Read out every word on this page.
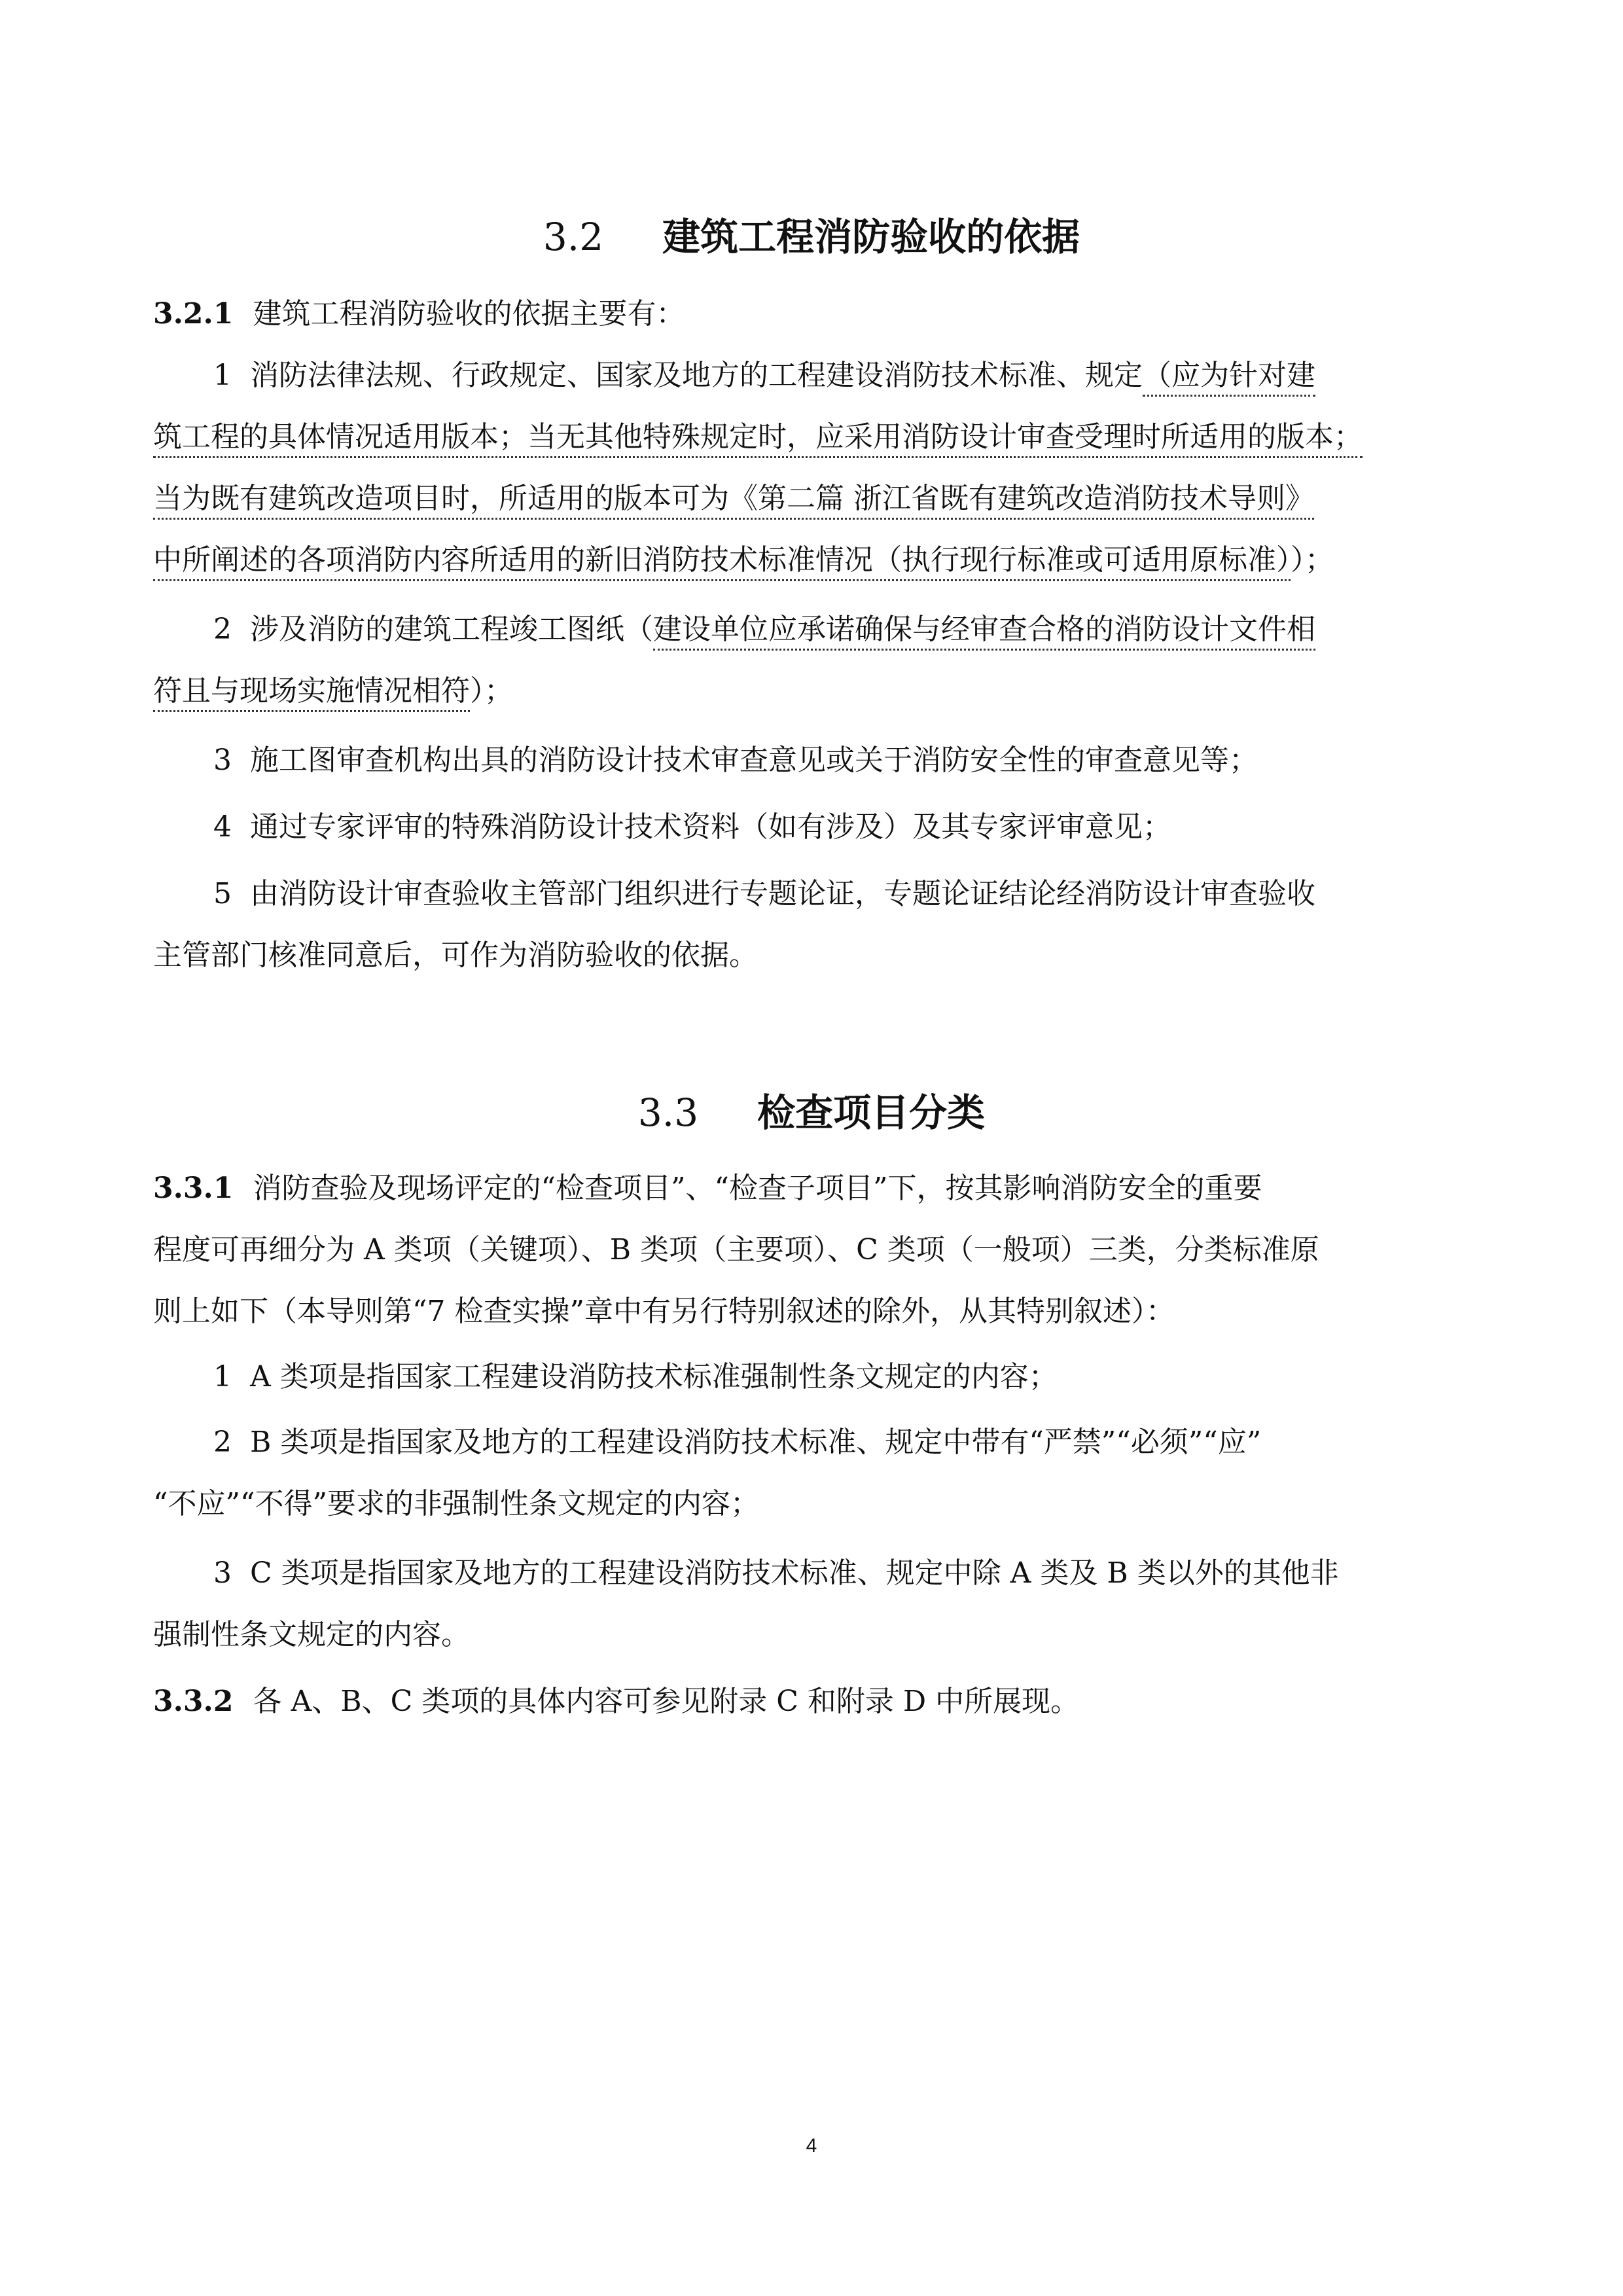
3.2 建筑工程消防验收的依据
3.2.1 建筑工程消防验收的依据主要有：
1 消防法律法规、行政规定、国家及地方的工程建设消防技术标准、规定（应为针对建
筑工程的具体情况适用版本；当无其他特殊规定时，应采用消防设计审查受理时所适用的版本；
当为既有建筑改造项目时，所适用的版本可为《第二篇 浙江省既有建筑改造消防技术导则》
中所阐述的各项消防内容所适用的新旧消防技术标准情况（执行现行标准或可适用原标准））；
2 涉及消防的建筑工程竣工图纸（建设单位应承诺确保与经审查合格的消防设计文件相
符且与现场实施情况相符）；
3 施工图审查机构出具的消防设计技术审查意见或关于消防安全性的审查意见等；
4 通过专家评审的特殊消防设计技术资料（如有涉及）及其专家评审意见；
5 由消防设计审查验收主管部门组织进行专题论证，专题论证结论经消防设计审查验收
主管部门核准同意后，可作为消防验收的依据。
3.3 检查项目分类
3.3.1 消防查验及现场评定的“检查项目”、“检查子项目”下，按其影响消防安全的重要
程度可再细分为 A 类项（关键项）、B 类项（主要项）、C 类项（一般项）三类，分类标准原
则上如下（本导则第“7 检查实操”章中有另行特别叙述的除外，从其特别叙述）：
1 A 类项是指国家工程建设消防技术标准强制性条文规定的内容；
2 B 类项是指国家及地方的工程建设消防技术标准、规定中带有“严禁”“必须”“应”
“不应”“不得”要求的非强制性条文规定的内容；
3 C 类项是指国家及地方的工程建设消防技术标准、规定中除 A 类及 B 类以外的其他非
强制性条文规定的内容。
3.3.2 各 A、B、C 类项的具体内容可参见附录 C 和附录 D 中所展现。
4
